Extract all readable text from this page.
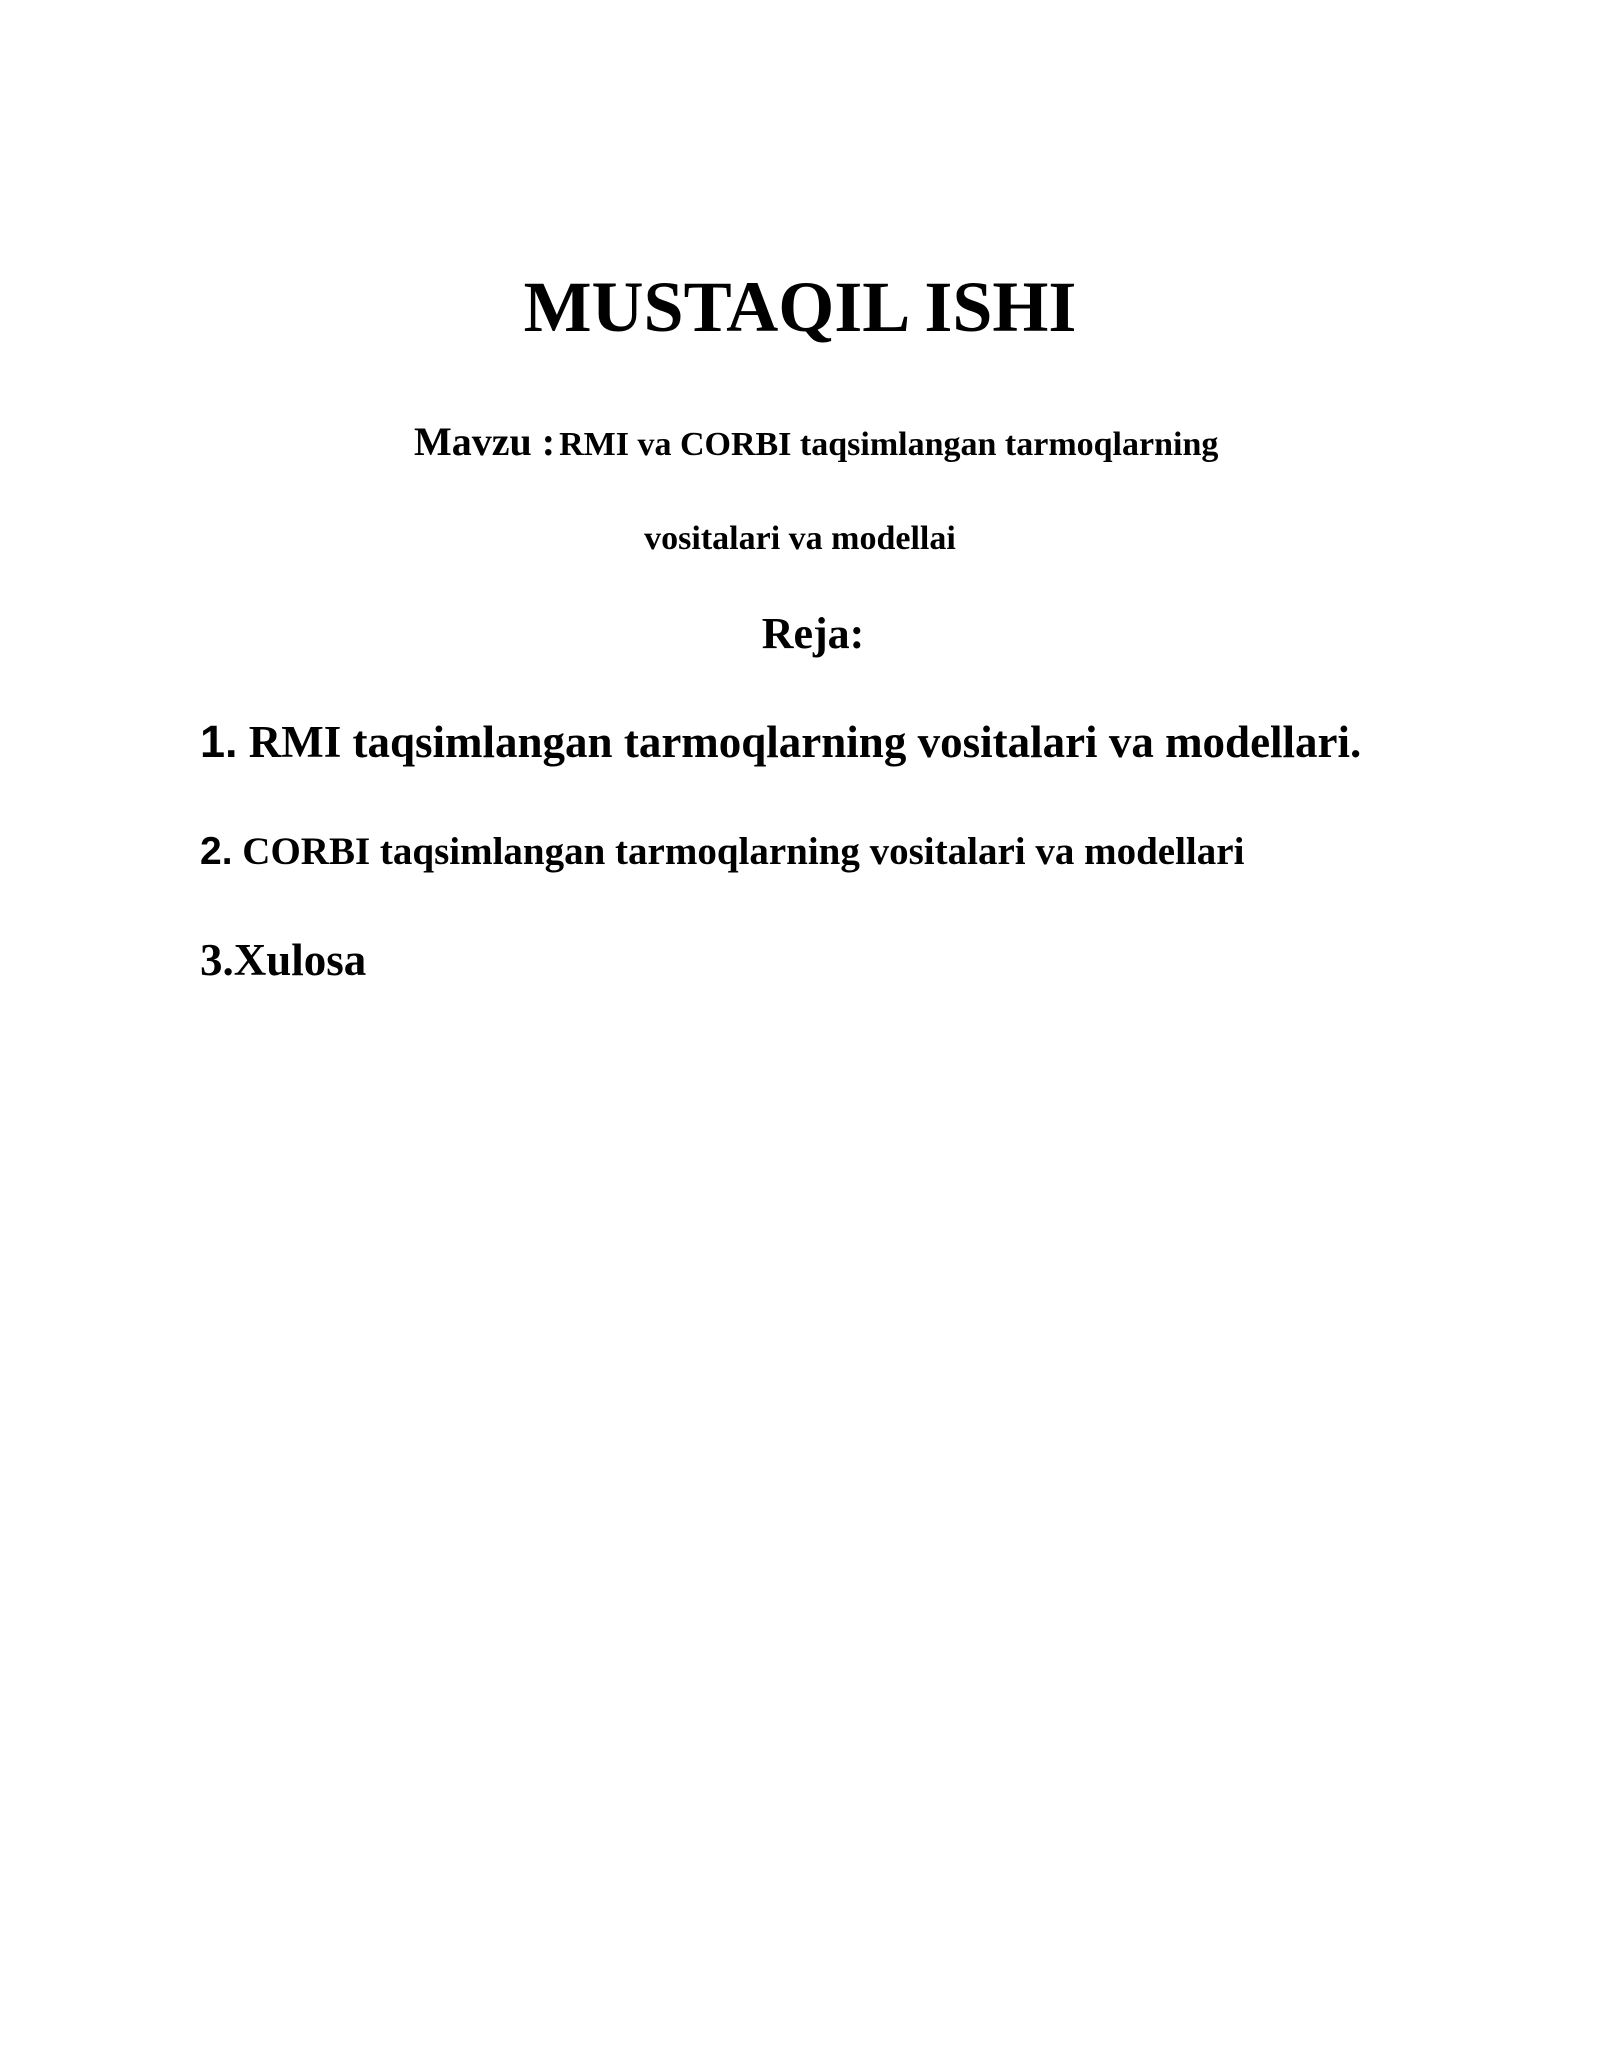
MUSTAQIL ISHI
Mavzu : RMI va CORBI taqsimlangan tarmoqlarning
vositalari va modellai
Reja:
1. RMI taqsimlangan tarmoqlarning vositalari va modellari.
2. CORBI taqsimlangan tarmoqlarning vositalari va modellari
3.Xulosa
